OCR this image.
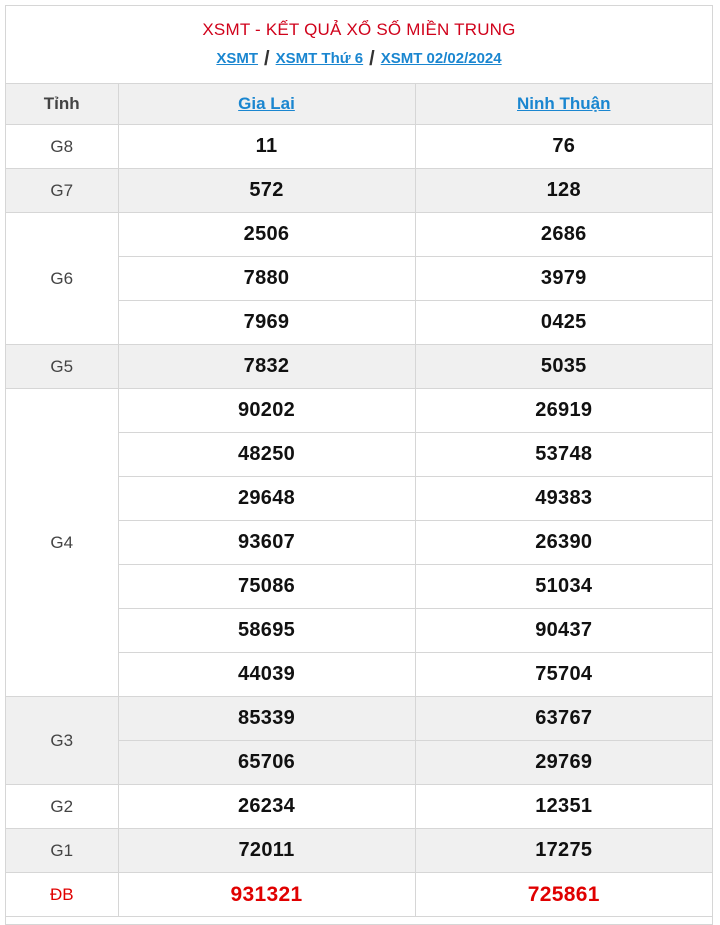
XSMT - KẾT QUẢ XỔ SỐ MIỀN TRUNG
XSMT / XSMT Thứ 6 / XSMT 02/02/2024
Tỉnh	Gia Lai	Ninh Thuận
G8	11	76
G7	572	128
G6	2506	2686
	7880	3979
	7969	0425
G5	7832	5035
G4	90202	26919
	48250	53748
	29648	49383
	93607	26390
	75086	51034
	58695	90437
	44039	75704
G3	85339	63767
	65706	29769
G2	26234	12351
G1	72011	17275
ĐB	931321	725861
